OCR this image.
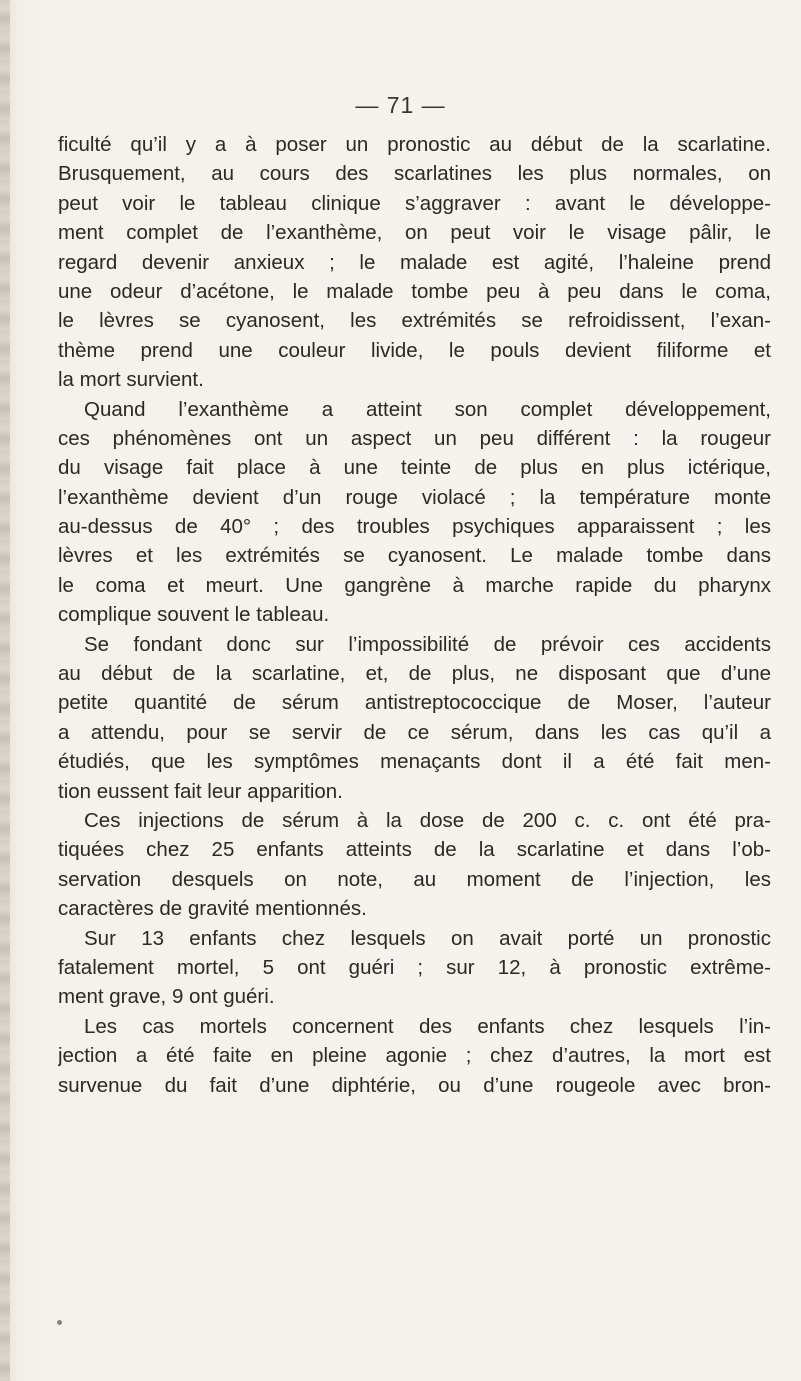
— 71 —
ficulté qu’il y a à poser un pronostic au début de la scarlatine.
Brusquement, au cours des scarlatines les plus normales, on
peut voir le tableau clinique s’aggraver : avant le développe-
ment complet de l’exanthème, on peut voir le visage pâlir, le
regard devenir anxieux ; le malade est agité, l’haleine prend
une odeur d’acétone, le malade tombe peu à peu dans le coma,
le lèvres se cyanosent, les extrémités se refroidissent, l’exan-
thème prend une couleur livide, le pouls devient filiforme et
la mort survient.
Quand l’exanthème a atteint son complet développement,
ces phénomènes ont un aspect un peu différent : la rougeur
du visage fait place à une teinte de plus en plus ictérique,
l’exanthème devient d’un rouge violacé ; la température monte
au-dessus de 40° ; des troubles psychiques apparaissent ; les
lèvres et les extrémités se cyanosent. Le malade tombe dans
le coma et meurt. Une gangrène à marche rapide du pharynx
complique souvent le tableau.
Se fondant donc sur l’impossibilité de prévoir ces accidents
au début de la scarlatine, et, de plus, ne disposant que d’une
petite quantité de sérum antistreptococcique de Moser, l’auteur
a attendu, pour se servir de ce sérum, dans les cas qu’il a
étudiés, que les symptômes menaçants dont il a été fait men-
tion eussent fait leur apparition.
Ces injections de sérum à la dose de 200 c. c. ont été pra-
tiquées chez 25 enfants atteints de la scarlatine et dans l’ob-
servation desquels on note, au moment de l’injection, les
caractères de gravité mentionnés.
Sur 13 enfants chez lesquels on avait porté un pronostic
fatalement mortel, 5 ont guéri ; sur 12, à pronostic extrême-
ment grave, 9 ont guéri.
Les cas mortels concernent des enfants chez lesquels l’in-
jection a été faite en pleine agonie ; chez d’autres, la mort est
survenue du fait d’une diphtérie, ou d’une rougeole avec bron-
